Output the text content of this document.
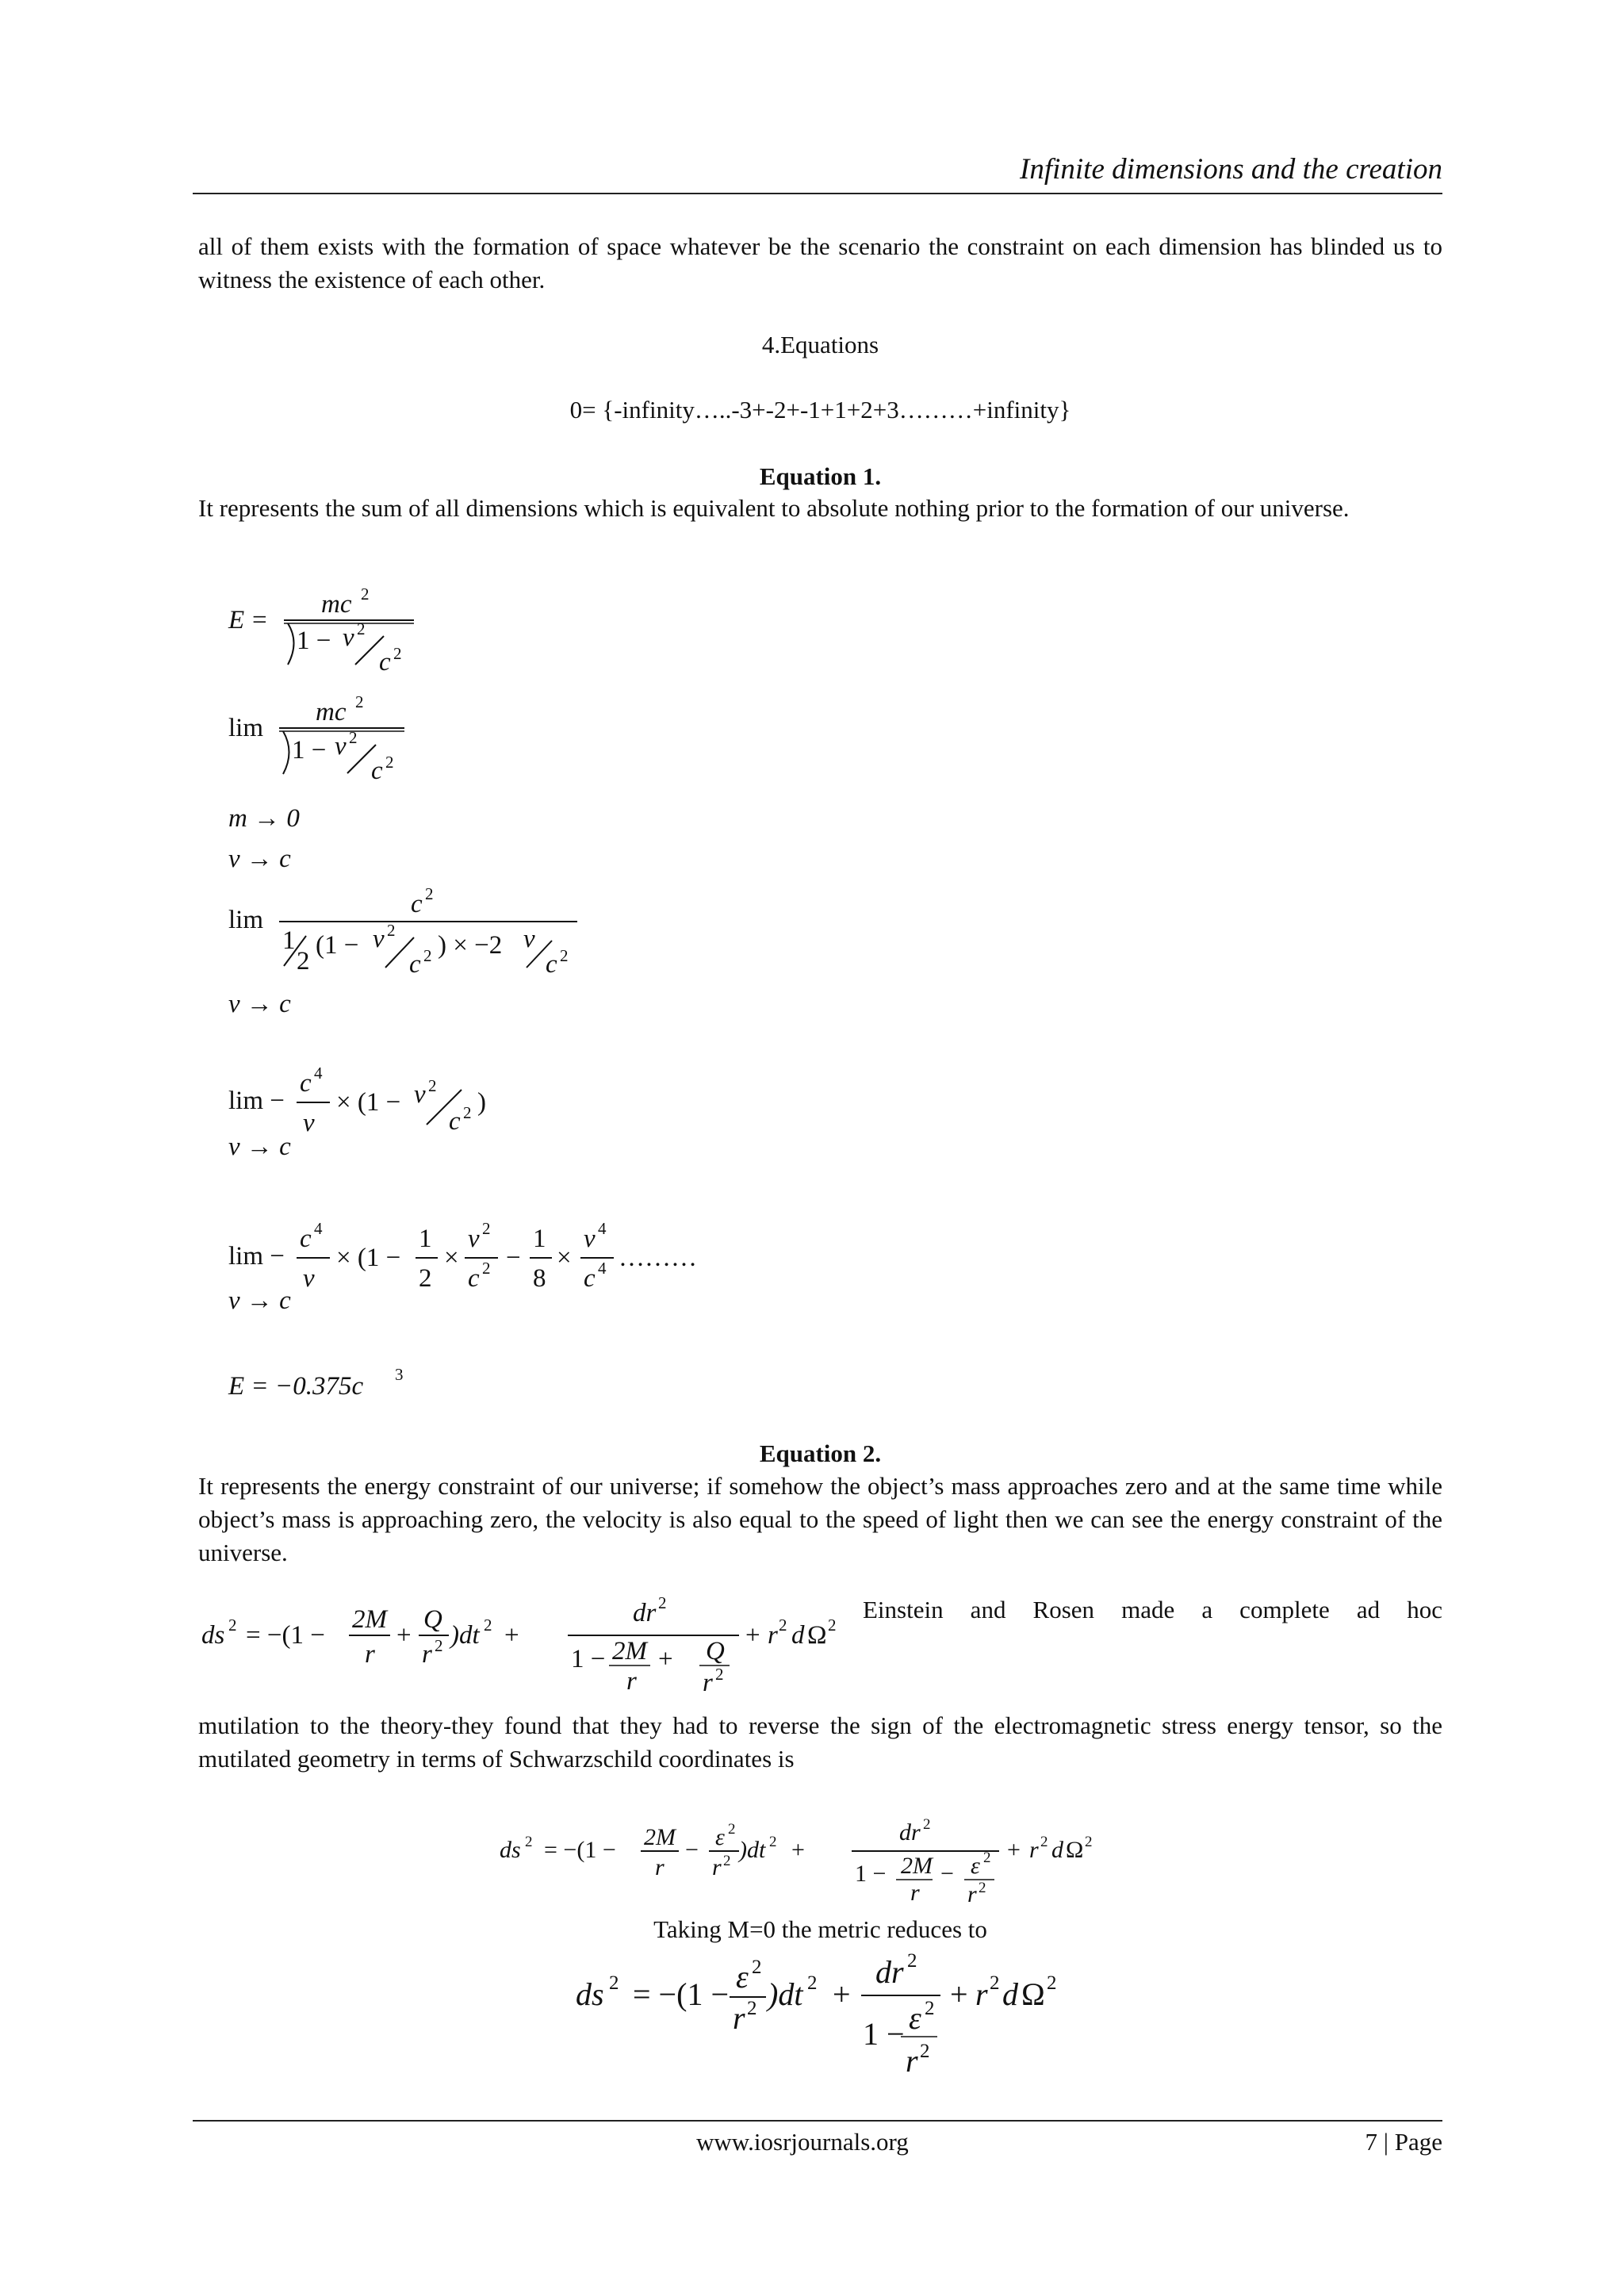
Infinite dimensions and the creation
all of them exists with the formation of space whatever be the scenario the constraint on each dimension has blinded us to witness the existence of each other.
4.Equations
0= {-infinity…..-3+-2+-1+1+2+3………+infinity}
Equation 1.
It represents the sum of all dimensions which is equivalent to absolute nothing prior to the formation of our universe.
E =
mc 2
1 − v 2
c 2
lim
mc 2
1 − v 2
c 2
m → 0
v → c
lim
c 2
1
2
(1 − v 2
c 2 ) × −2 v
c 2
v → c
lim −
c 4
v
× (1 − v 2
c 2 )
v → c
lim −
c 4
v
× (1 −
1
2
×
v 2
c 2 −
1
8
×
v 4
c 4 ………
v → c
E = −0.375c 3
Equation 2.
It represents the energy constraint of our universe; if somehow the object’s mass approaches zero and at the same time while object’s mass is approaching zero, the velocity is also equal to the speed of light then we can see the energy constraint of the universe.
ds 2 = −(1 −
2M
r
+
Q
r 2 )dt 2 +
dr 2
1 − 2M
r
+ Q
r 2
+ r 2 d Ω 2
Einstein and Rosen made a complete ad hoc
mutilation to the theory-they found that they had to reverse the sign of the electromagnetic stress energy tensor, so the mutilated geometry in terms of Schwarzschild coordinates is
ds 2 = −(1 − 2M
r
− ε 2
r 2 )dt 2 +
dr 2
1 − 2M
r
− ε 2
r 2
+ r 2 d Ω 2
Taking M=0 the metric reduces to
ds 2 = −(1 − ε 2
r 2 )dt 2 +
dr 2
1 − ε 2
r 2
+ r 2 d Ω 2
www.iosrjournals.org	7 | Page
